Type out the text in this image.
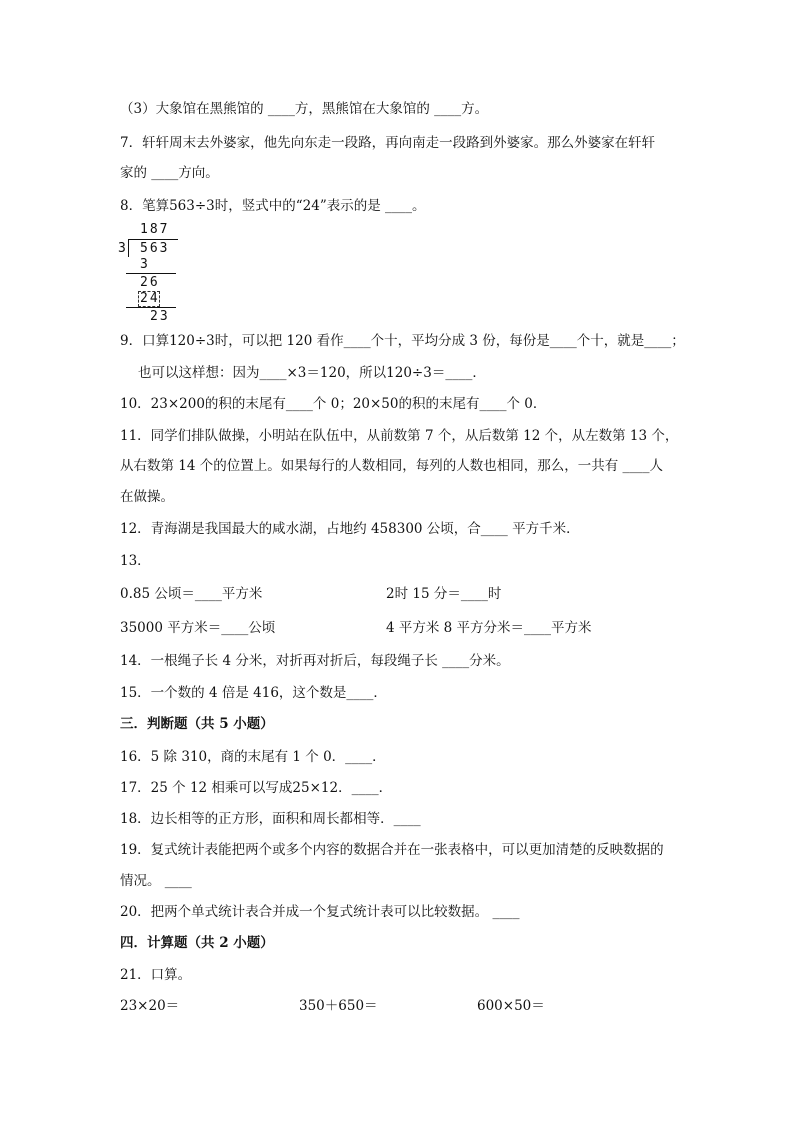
（3）大象馆在黑熊馆的 ____方，黑熊馆在大象馆的 ____方。
7．轩轩周末去外婆家，他先向东走一段路，再向南走一段路到外婆家。那么外婆家在轩轩
家的 ____方向。
8．笔算563÷3时，竖式中的“24”表示的是 ____。
187
3 563
3
26
24
23
9．口算120÷3时，可以把 120 看作____个十，平均分成 3 份，每份是____个十，就是____；
也可以这样想：因为____×3＝120，所以120÷3＝____．
10．23×200的积的末尾有____个 0；20×50的积的末尾有____个 0．
11．同学们排队做操，小明站在队伍中，从前数第 7 个，从后数第 12 个，从左数第 13 个，
从右数第 14 个的位置上。如果每行的人数相同，每列的人数也相同，那么，一共有 ____人
在做操。
12．青海湖是我国最大的咸水湖，占地约 458300 公顷，合____ 平方千米．
13．
0.85 公顷＝____平方米	2时 15 分＝____时
35000 平方米＝____公顷	4 平方米 8 平方分米＝____平方米
14．一根绳子长 4 分米，对折再对折后，每段绳子长 ____分米。
15．一个数的 4 倍是 416，这个数是____．
三．判断题（共 5 小题）
16．5 除 310，商的末尾有 1 个 0．____．
17．25 个 12 相乘可以写成25×12．____．
18．边长相等的正方形，面积和周长都相等．____
19．复式统计表能把两个或多个内容的数据合并在一张表格中，可以更加清楚的反映数据的
情况。 ____
20．把两个单式统计表合并成一个复式统计表可以比较数据。 ____
四．计算题（共 2 小题）
21．口算。
23×20＝	350＋650＝	600×50＝
